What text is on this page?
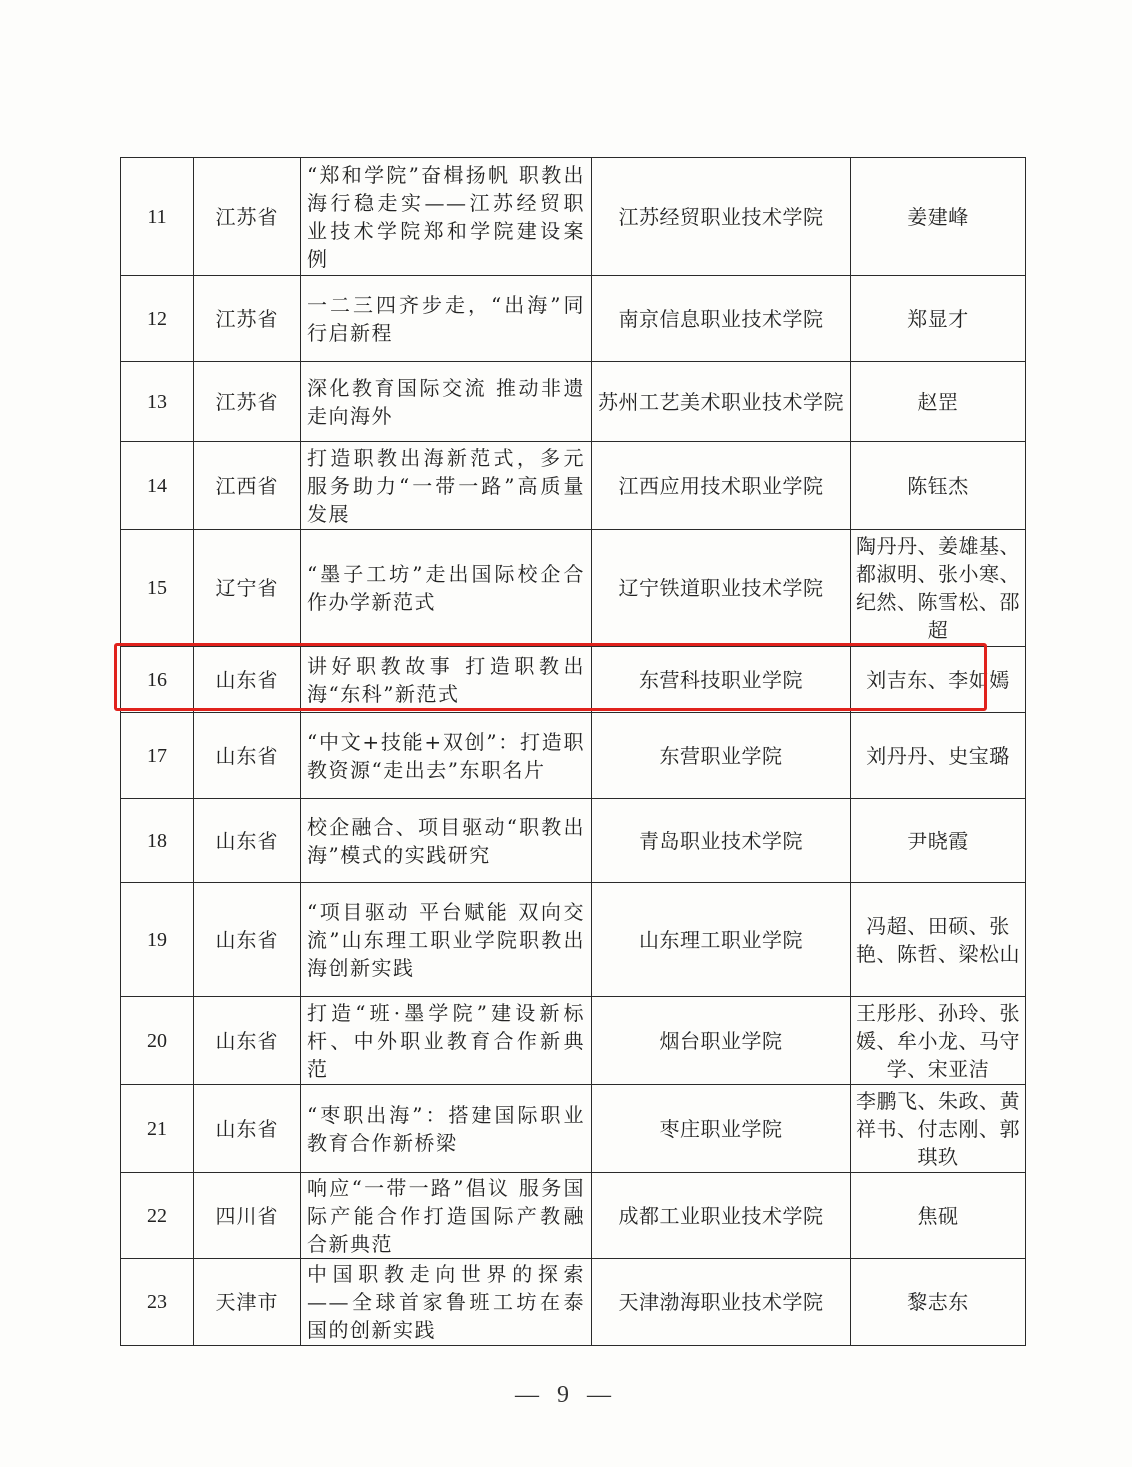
11	江苏省	“郑和学院”奋楫扬帆 职教出海行稳走实——江苏经贸职业技术学院郑和学院建设案例	江苏经贸职业技术学院	姜建峰
12	江苏省	一二三四齐步走，“出海”同行启新程	南京信息职业技术学院	郑显才
13	江苏省	深化教育国际交流 推动非遗走向海外	苏州工艺美术职业技术学院	赵罡
14	江西省	打造职教出海新范式，多元服务助力“一带一路”高质量发展	江西应用技术职业学院	陈钰杰
15	辽宁省	“墨子工坊”走出国际校企合作办学新范式	辽宁铁道职业技术学院	陶丹丹、姜雄基、都淑明、张小寒、纪然、陈雪松、邵超
16	山东省	讲好职教故事 打造职教出海“东科”新范式	东营科技职业学院	刘吉东、李如嫣
17	山东省	“中文+技能+双创”：打造职教资源“走出去”东职名片	东营职业学院	刘丹丹、史宝璐
18	山东省	校企融合、项目驱动“职教出海”模式的实践研究	青岛职业技术学院	尹晓霞
19	山东省	“项目驱动 平台赋能 双向交流”山东理工职业学院职教出海创新实践	山东理工职业学院	冯超、田硕、张艳、陈哲、梁松山
20	山东省	打造“班·墨学院”建设新标杆、中外职业教育合作新典范	烟台职业学院	王彤彤、孙玲、张媛、牟小龙、马守学、宋亚洁
21	山东省	“枣职出海”：搭建国际职业教育合作新桥梁	枣庄职业学院	李鹏飞、朱政、黄祥书、付志刚、郭琪玖
22	四川省	响应“一带一路”倡议 服务国际产能合作打造国际产教融合新典范	成都工业职业技术学院	焦砚
23	天津市	中国职教走向世界的探索——全球首家鲁班工坊在泰国的创新实践	天津渤海职业技术学院	黎志东
— 9 —
